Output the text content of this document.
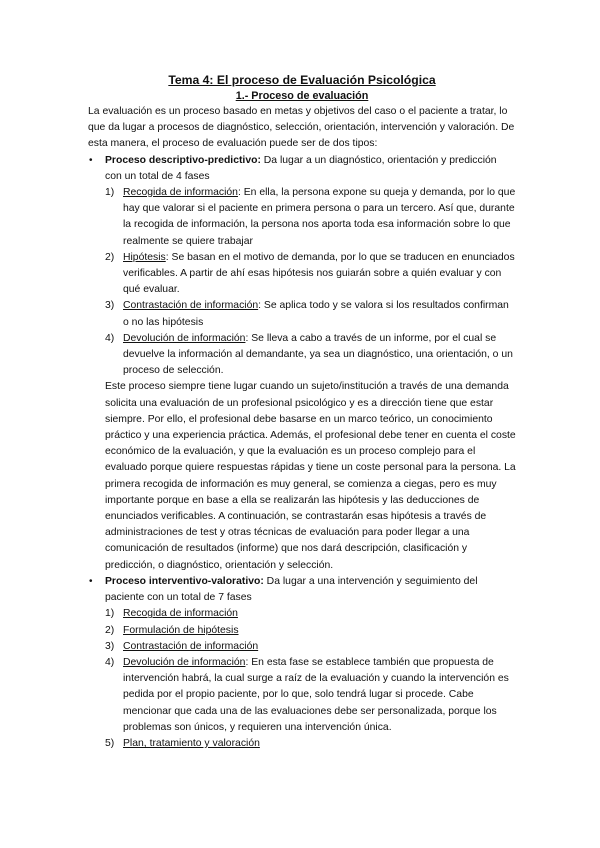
Tema 4: El proceso de Evaluación Psicológica

1.- Proceso de evaluación

La evaluación es un proceso basado en metas y objetivos del caso o el paciente a tratar, lo que da lugar a procesos de diagnóstico, selección, orientación, intervención y valoración. De esta manera, el proceso de evaluación puede ser de dos tipos:

• Proceso descriptivo-predictivo: Da lugar a un diagnóstico, orientación y predicción con un total de 4 fases

1) Recogida de información: En ella, la persona expone su queja y demanda, por lo que hay que valorar si el paciente en primera persona o para un tercero. Así que, durante la recogida de información, la persona nos aporta toda esa información sobre lo que realmente se quiere trabajar
2) Hipótesis: Se basan en el motivo de demanda, por lo que se traducen en enunciados verificables. A partir de ahí esas hipótesis nos guiarán sobre a quién evaluar y con qué evaluar.
3) Contrastación de información: Se aplica todo y se valora si los resultados confirman o no las hipótesis
4) Devolución de información: Se lleva a cabo a través de un informe, por el cual se devuelve la información al demandante, ya sea un diagnóstico, una orientación, o un proceso de selección.

Este proceso siempre tiene lugar cuando un sujeto/institución a través de una demanda solicita una evaluación de un profesional psicológico y es a dirección tiene que estar siempre. Por ello, el profesional debe basarse en un marco teórico, un conocimiento práctico y una experiencia práctica. Además, el profesional debe tener en cuenta el coste económico de la evaluación, y que la evaluación es un proceso complejo para el evaluado porque quiere respuestas rápidas y tiene un coste personal para la persona. La primera recogida de información es muy general, se comienza a ciegas, pero es muy importante porque en base a ella se realizarán las hipótesis y las deducciones de enunciados verificables. A continuación, se contrastarán esas hipótesis a través de administraciones de test y otras técnicas de evaluación para poder llegar a una comunicación de resultados (informe) que nos dará descripción, clasificación y predicción, o diagnóstico, orientación y selección.

• Proceso interventivo-valorativo: Da lugar a una intervención y seguimiento del paciente con un total de 7 fases

1) Recogida de información
2) Formulación de hipótesis
3) Contrastación de información
4) Devolución de información: En esta fase se establece también que propuesta de intervención habrá, la cual surge a raíz de la evaluación y cuando la intervención es pedida por el propio paciente, por lo que, solo tendrá lugar si procede. Cabe mencionar que cada una de las evaluaciones debe ser personalizada, porque los problemas son únicos, y requieren una intervención única.
5) Plan, tratamiento y valoración
